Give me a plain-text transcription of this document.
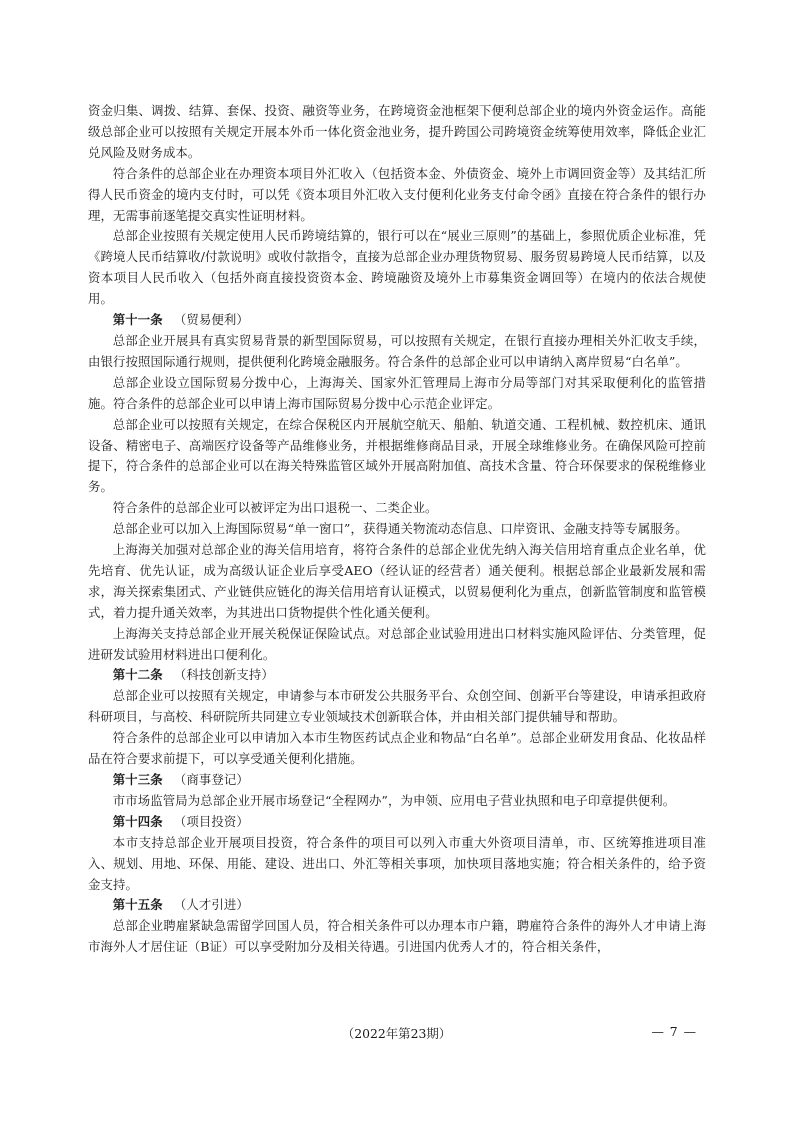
资金归集、调拨、结算、套保、投资、融资等业务，在跨境资金池框架下便利总部企业的境内外资金运作。高能级总部企业可以按照有关规定开展本外币一体化资金池业务，提升跨国公司跨境资金统筹使用效率，降低企业汇兑风险及财务成本。

符合条件的总部企业在办理资本项目外汇收入（包括资本金、外债资金、境外上市调回资金等）及其结汇所得人民币资金的境内支付时，可以凭《资本项目外汇收入支付便利化业务支付命令函》直接在符合条件的银行办理，无需事前逐笔提交真实性证明材料。

总部企业按照有关规定使用人民币跨境结算的，银行可以在“展业三原则”的基础上，参照优质企业标准，凭《跨境人民币结算收/付款说明》或收付款指令，直接为总部企业办理货物贸易、服务贸易跨境人民币结算，以及资本项目人民币收入（包括外商直接投资资本金、跨境融资及境外上市募集资金调回等）在境内的依法合规使用。

第十一条 （贸易便利）

总部企业开展具有真实贸易背景的新型国际贸易，可以按照有关规定，在银行直接办理相关外汇收支手续，由银行按照国际通行规则，提供便利化跨境金融服务。符合条件的总部企业可以申请纳入离岸贸易“白名单”。

总部企业设立国际贸易分拨中心，上海海关、国家外汇管理局上海市分局等部门对其采取便利化的监管措施。符合条件的总部企业可以申请上海市国际贸易分拨中心示范企业评定。

总部企业可以按照有关规定，在综合保税区内开展航空航天、船舶、轨道交通、工程机械、数控机床、通讯设备、精密电子、高端医疗设备等产品维修业务，并根据维修商品目录，开展全球维修业务。在确保风险可控前提下，符合条件的总部企业可以在海关特殊监管区域外开展高附加值、高技术含量、符合环保要求的保税维修业务。

符合条件的总部企业可以被评定为出口退税一、二类企业。

总部企业可以加入上海国际贸易“单一窗口”，获得通关物流动态信息、口岸资讯、金融支持等专属服务。

上海海关加强对总部企业的海关信用培育，将符合条件的总部企业优先纳入海关信用培育重点企业名单，优先培育、优先认证，成为高级认证企业后享受AEO（经认证的经营者）通关便利。根据总部企业最新发展和需求，海关探索集团式、产业链供应链化的海关信用培育认证模式，以贸易便利化为重点，创新监管制度和监管模式，着力提升通关效率，为其进出口货物提供个性化通关便利。

上海海关支持总部企业开展关税保证保险试点。对总部企业试验用进出口材料实施风险评估、分类管理，促进研发试验用材料进出口便利化。

第十二条 （科技创新支持）

总部企业可以按照有关规定，申请参与本市研发公共服务平台、众创空间、创新平台等建设，申请承担政府科研项目，与高校、科研院所共同建立专业领域技术创新联合体，并由相关部门提供辅导和帮助。

符合条件的总部企业可以申请加入本市生物医药试点企业和物品“白名单”。总部企业研发用食品、化妆品样品在符合要求前提下，可以享受通关便利化措施。

第十三条 （商事登记）

市市场监管局为总部企业开展市场登记“全程网办”，为申领、应用电子营业执照和电子印章提供便利。

第十四条 （项目投资）

本市支持总部企业开展项目投资，符合条件的项目可以列入市重大外资项目清单，市、区统筹推进项目准入、规划、用地、环保、用能、建设、进出口、外汇等相关事项，加快项目落地实施；符合相关条件的，给予资金支持。

第十五条 （人才引进）

总部企业聘雇紧缺急需留学回国人员，符合相关条件可以办理本市户籍，聘雇符合条件的海外人才申请上海市海外人才居住证（B证）可以享受附加分及相关待遇。引进国内优秀人才的，符合相关条件，

（2022年第23期）	— 7 —
